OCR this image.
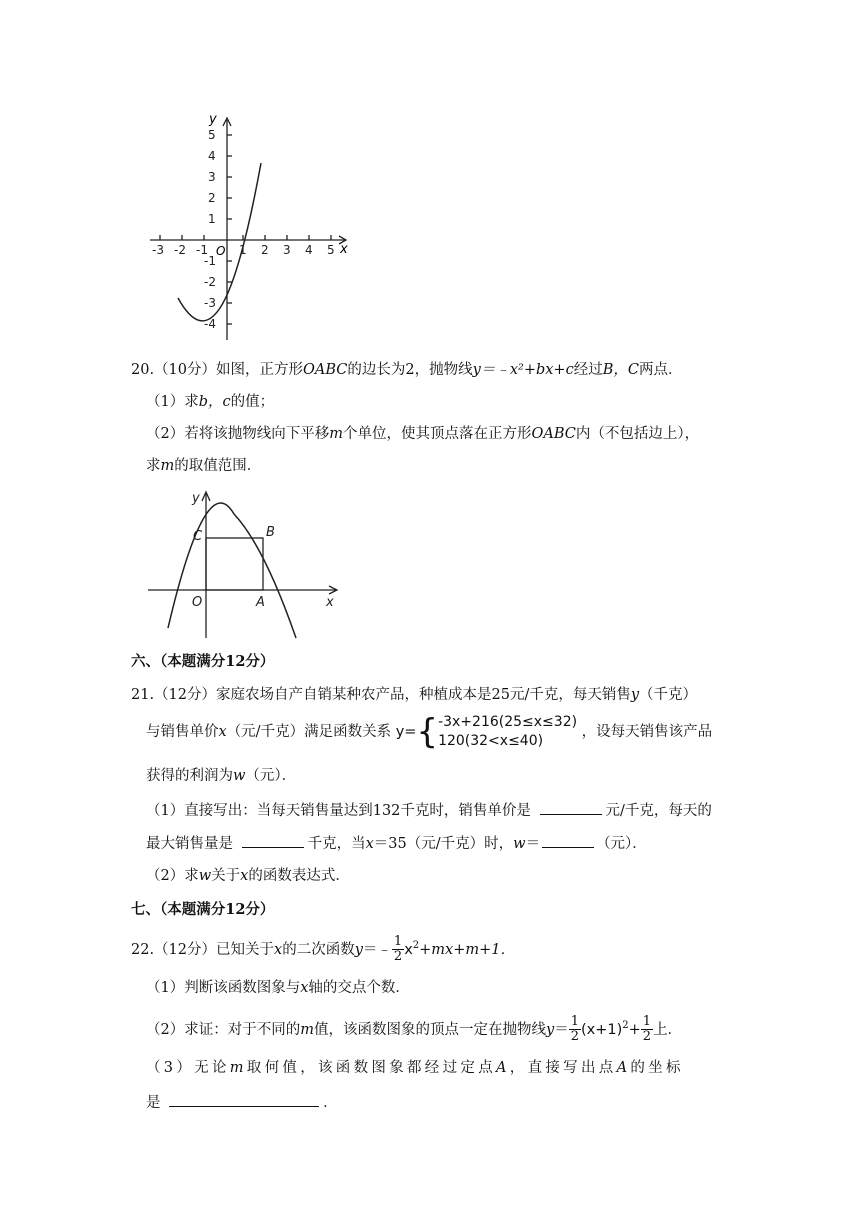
y
x
O
5
4
3
2
1
-1
-2
-3
-4
-3 -2 -1	1 2 3 4 5
20.（10分）如图，正方形OABC的边长为2，抛物线y＝﹣x²+bx+c经过B，C两点．
（1）求b，c的值；
（2）若将该抛物线向下平移m个单位，使其顶点落在正方形OABC内（不包括边上），
求m的取值范围．
y
x
O	A
B
C
六、（本题满分12分）
21.（12分）家庭农场自产自销某种农产品，种植成本是25元/千克，每天销售y（千克）
与销售单价x（元/千克）满足函数关系 y={ -3x+216(25≤x≤32)
120(32<x≤40)
，设每天销售该产品
获得的利润为w（元）．
（1）直接写出：当每天销售量达到132千克时，销售单价是	元/千克，每天的
最大销售量是	千克，当x＝35（元/千克）时，w＝	（元）．
（2）求w关于x的函数表达式．
七、（本题满分12分）
22.（12分）已知关于x的二次函数y＝﹣ $\frac{1}{2} x^2+mx+m+1$．
（1）判断该函数图象与x轴的交点个数．
（2）求证：对于不同的m值，该函数图象的顶点一定在抛物线$y= \frac{1}{2} (x+1)^2+ \frac{1}{2}$ 上．
（3）无论m取何值，该函数图象都经过定点A，直接写出点A的坐标
是	．
